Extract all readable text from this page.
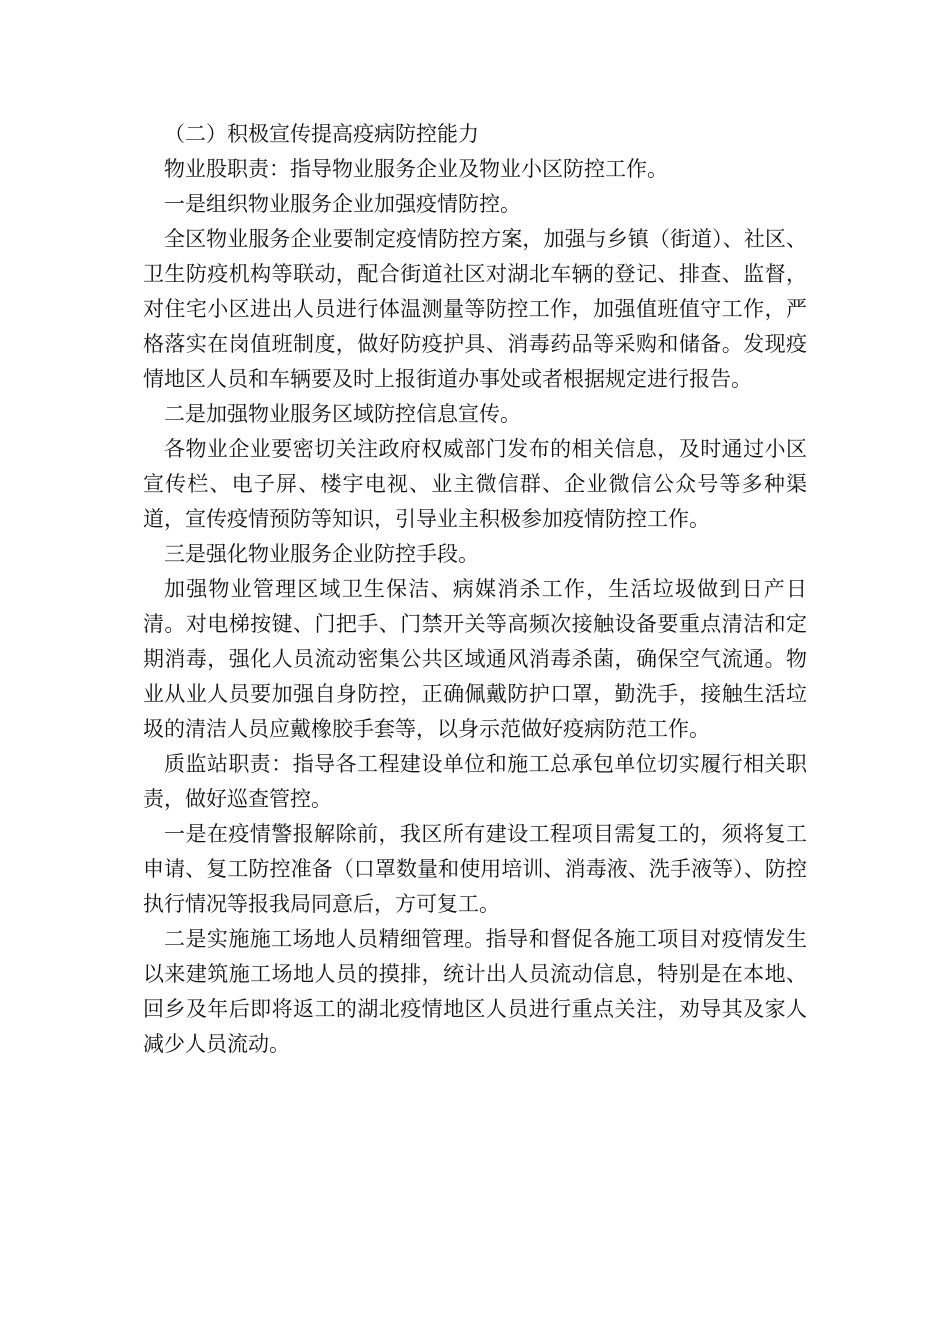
（二）积极宣传提高疫病防控能力

物业股职责：指导物业服务企业及物业小区防控工作。

一是组织物业服务企业加强疫情防控。

全区物业服务企业要制定疫情防控方案，加强与乡镇（街道）、社区、卫生防疫机构等联动，配合街道社区对湖北车辆的登记、排查、监督，对住宅小区进出人员进行体温测量等防控工作，加强值班值守工作，严格落实在岗值班制度，做好防疫护具、消毒药品等采购和储备。发现疫情地区人员和车辆要及时上报街道办事处或者根据规定进行报告。

二是加强物业服务区域防控信息宣传。

各物业企业要密切关注政府权威部门发布的相关信息，及时通过小区宣传栏、电子屏、楼宇电视、业主微信群、企业微信公众号等多种渠道，宣传疫情预防等知识，引导业主积极参加疫情防控工作。

三是强化物业服务企业防控手段。

加强物业管理区域卫生保洁、病媒消杀工作，生活垃圾做到日产日清。对电梯按键、门把手、门禁开关等高频次接触设备要重点清洁和定期消毒，强化人员流动密集公共区域通风消毒杀菌，确保空气流通。物业从业人员要加强自身防控，正确佩戴防护口罩，勤洗手，接触生活垃圾的清洁人员应戴橡胶手套等，以身示范做好疫病防范工作。

质监站职责：指导各工程建设单位和施工总承包单位切实履行相关职责，做好巡查管控。

一是在疫情警报解除前，我区所有建设工程项目需复工的，须将复工申请、复工防控准备（口罩数量和使用培训、消毒液、洗手液等）、防控执行情况等报我局同意后，方可复工。

二是实施施工场地人员精细管理。指导和督促各施工项目对疫情发生以来建筑施工场地人员的摸排，统计出人员流动信息，特别是在本地、回乡及年后即将返工的湖北疫情地区人员进行重点关注，劝导其及家人减少人员流动。
